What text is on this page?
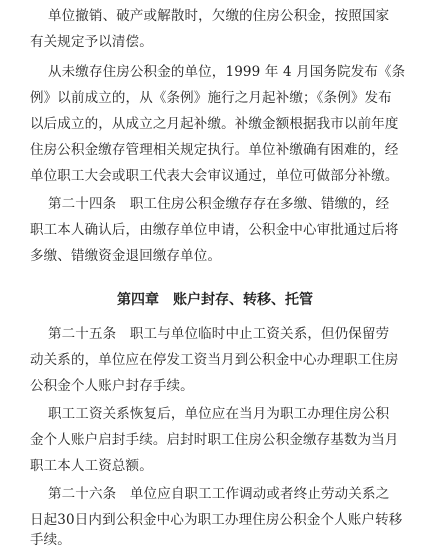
单位撤销、破产或解散时，欠缴的住房公积金，按照国家
有关规定予以清偿。
从未缴存住房公积金的单位，1999 年 4 月国务院发布《条
例》以前成立的，从《条例》施行之月起补缴；《条例》发布
以后成立的，从成立之月起补缴。补缴金额根据我市以前年度
住房公积金缴存管理相关规定执行。单位补缴确有困难的，经
单位职工大会或职工代表大会审议通过，单位可做部分补缴。
第二十四条　职工住房公积金缴存存在多缴、错缴的，经
职工本人确认后，由缴存单位申请，公积金中心审批通过后将
多缴、错缴资金退回缴存单位。
第四章　账户封存、转移、托管
第二十五条　职工与单位临时中止工资关系，但仍保留劳
动关系的，单位应在停发工资当月到公积金中心办理职工住房
公积金个人账户封存手续。
职工工资关系恢复后，单位应在当月为职工办理住房公积
金个人账户启封手续。启封时职工住房公积金缴存基数为当月
职工本人工资总额。
第二十六条　单位应自职工工作调动或者终止劳动关系之
日起30日内到公积金中心为职工办理住房公积金个人账户转移
手续。
